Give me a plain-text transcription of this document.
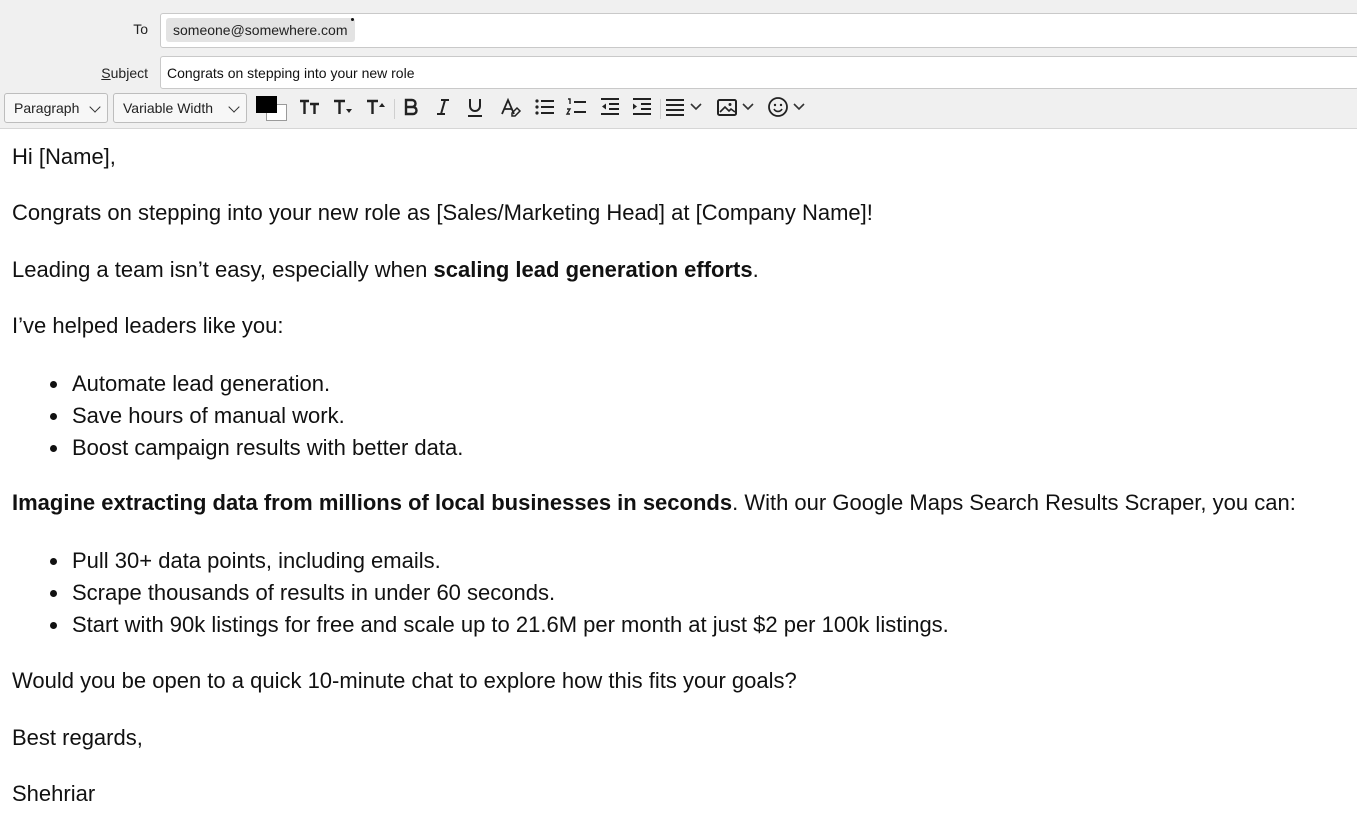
To	someone@somewhere.com
Subject
Congrats on stepping into your new role
Paragraph	Variable Width
Hi [Name],
Congrats on stepping into your new role as [Sales/Marketing Head] at [Company Name]!
Leading a team isn’t easy, especially when scaling lead generation efforts.
I’ve helped leaders like you:
Automate lead generation.
Save hours of manual work.
Boost campaign results with better data.
Imagine extracting data from millions of local businesses in seconds. With our Google Maps Search Results Scraper, you can:
Pull 30+ data points, including emails.
Scrape thousands of results in under 60 seconds.
Start with 90k listings for free and scale up to 21.6M per month at just $2 per 100k listings.
Would you be open to a quick 10-minute chat to explore how this fits your goals?
Best regards,
Shehriar
